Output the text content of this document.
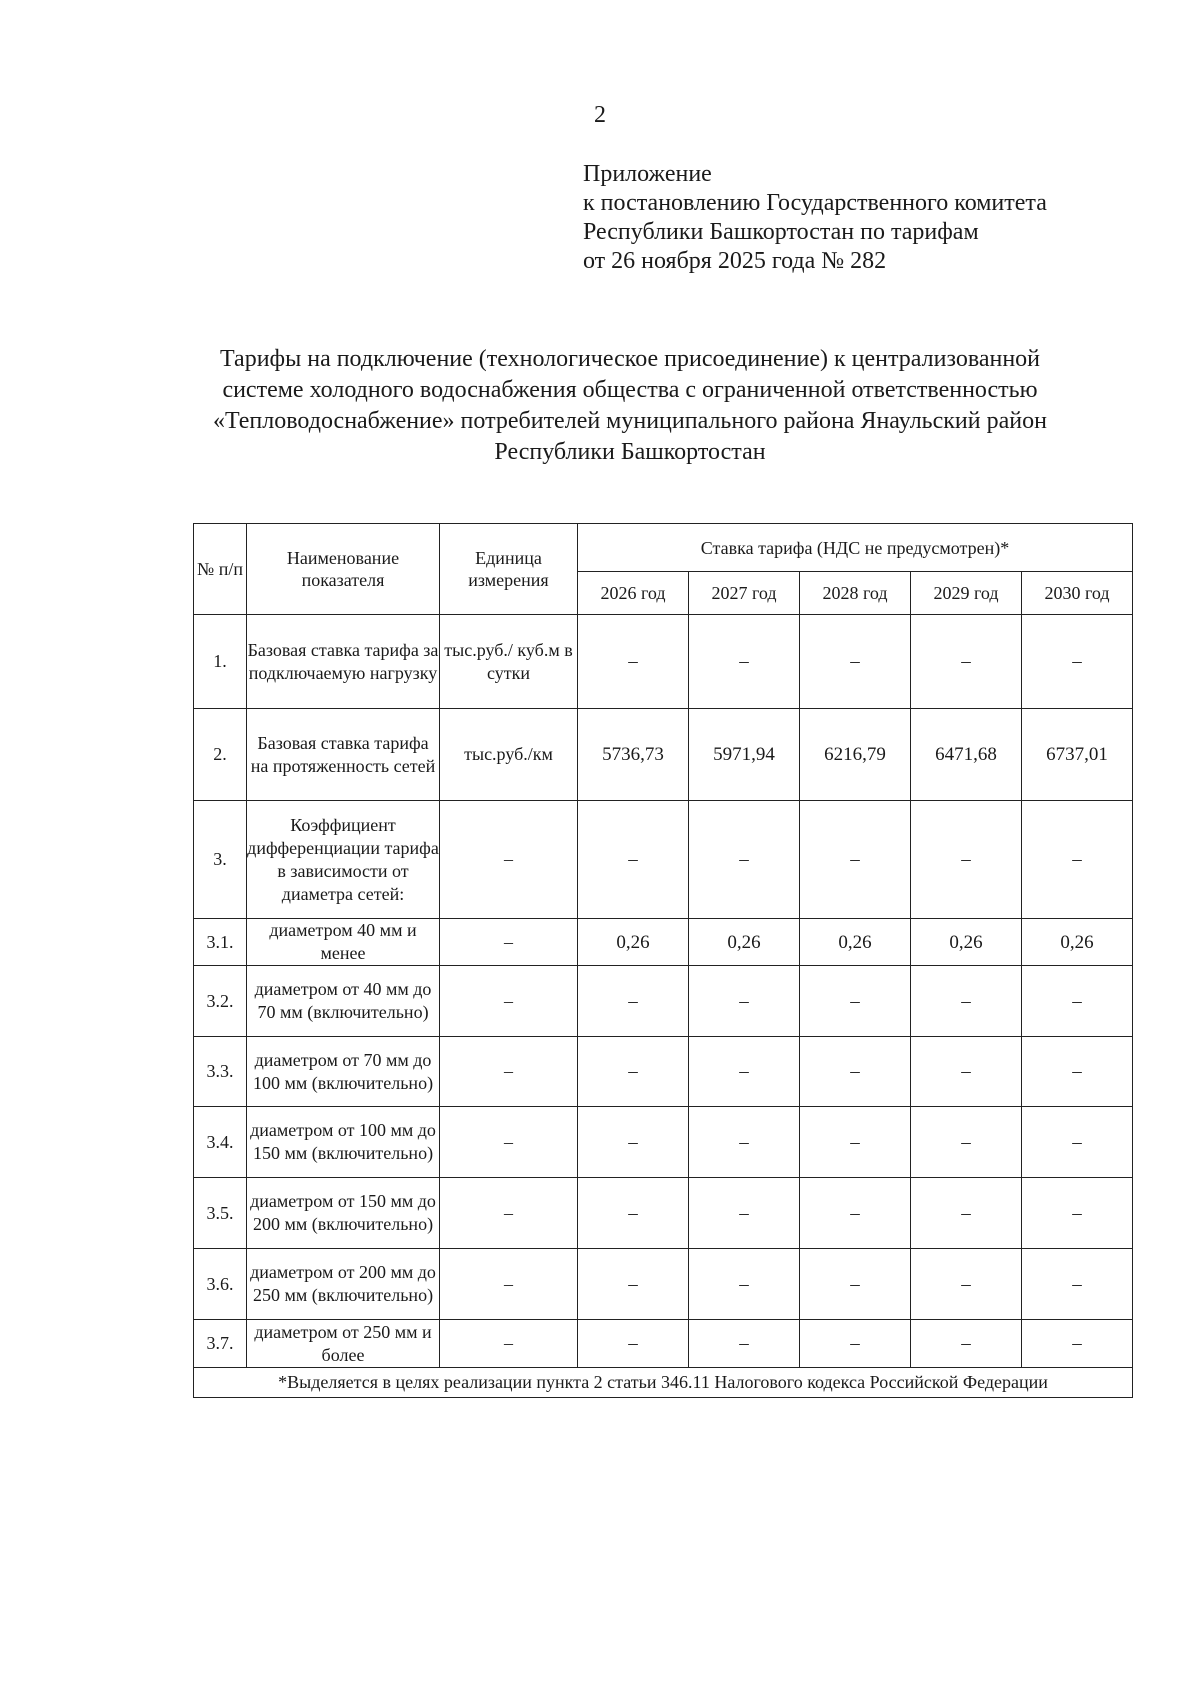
2
Приложение
к постановлению Государственного комитета
Республики Башкортостан по тарифам
от 26 ноября 2025 года № 282
Тарифы на подключение (технологическое присоединение) к централизованной
системе холодного водоснабжения общества с ограниченной ответственностью
«Тепловодоснабжение» потребителей муниципального района Янаульский район
Республики Башкортостан
№ п/п	Наименование показателя	Единица измерения	Ставка тарифа (НДС не предусмотрен)*				
			2026 год	2027 год	2028 год	2029 год	2030 год
1.	Базовая ставка тарифа за подключаемую нагрузку	тыс.руб./ куб.м в сутки	–	–	–	–	–
2.	Базовая ставка тарифа на протяженность сетей	тыс.руб./км	5736,73	5971,94	6216,79	6471,68	6737,01
3.	Коэффициент дифференциации тарифа в зависимости от диаметра сетей:	–	–	–	–	–	–
3.1.	диаметром 40 мм и менее	–	0,26	0,26	0,26	0,26	0,26
3.2.	диаметром от 40 мм до 70 мм (включительно)	–	–	–	–	–	–
3.3.	диаметром от 70 мм до 100 мм (включительно)	–	–	–	–	–	–
3.4.	диаметром от 100 мм до 150 мм (включительно)	–	–	–	–	–	–
3.5.	диаметром от 150 мм до 200 мм (включительно)	–	–	–	–	–	–
3.6.	диаметром от 200 мм до 250 мм (включительно)	–	–	–	–	–	–
3.7.	диаметром от 250 мм и более	–	–	–	–	–	–
*Выделяется в целях реализации пункта 2 статьи 346.11 Налогового кодекса Российской Федерации							
